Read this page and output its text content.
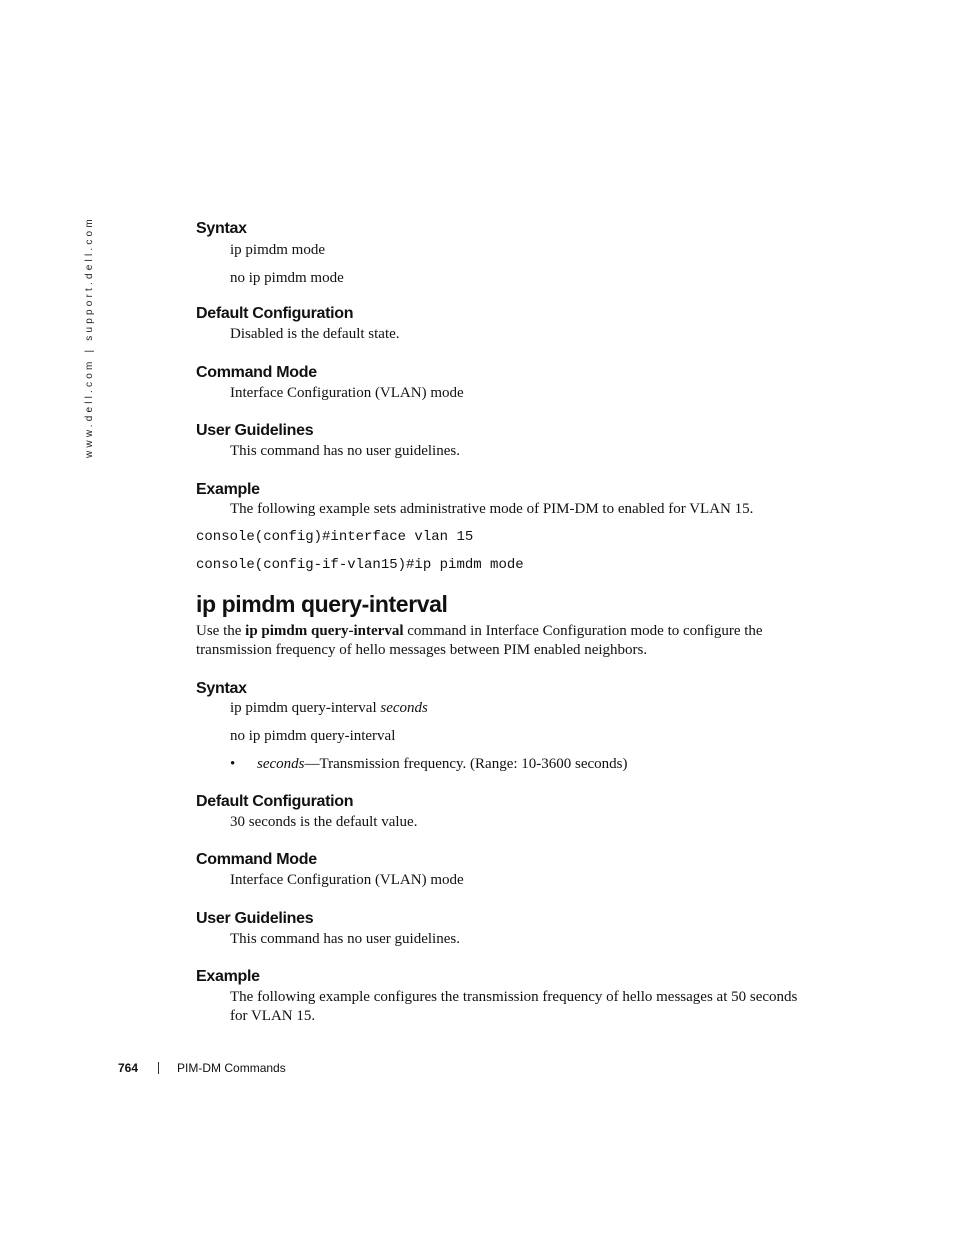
www.dell.com | support.dell.com	Syntax

ip pimdm mode

no ip pimdm mode

Default Configuration

Disabled is the default state.

Command Mode

Interface Configuration (VLAN) mode

User Guidelines

This command has no user guidelines.

Example

The following example sets administrative mode of PIM-DM to enabled for VLAN 15.

console(config)#interface vlan 15

console(config-if-vlan15)#ip pimdm mode

ip pimdm query-interval

Use the ip pimdm query-interval command in Interface Configuration mode to configure the transmission frequency of hello messages between PIM enabled neighbors.

Syntax

ip pimdm query-interval seconds

no ip pimdm query-interval

•	seconds—Transmission frequency. (Range: 10-3600 seconds)
Default Configuration

30 seconds is the default value.

Command Mode

Interface Configuration (VLAN) mode

User Guidelines

This command has no user guidelines.

Example

The following example configures the transmission frequency of hello messages at 50 seconds for VLAN 15.

764	PIM-DM Commands
